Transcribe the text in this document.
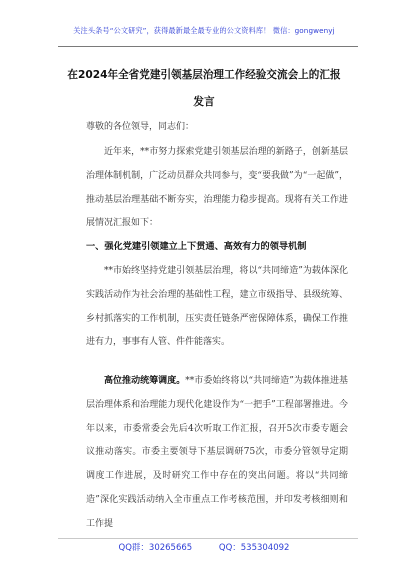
关注头条号“公文研究”，获得最新最全最专业的公文资料库！ 微信：gongwenyj
在2024年全省党建引领基层治理工作经验交流会上的汇报
发言

尊敬的各位领导，同志们：

近年来，**市努力探索党建引领基层治理的新路子，创新基层治理体制机制，广泛动员群众共同参与，变“要我做”为“一起做”，推动基层治理基础不断夯实，治理能力稳步提高。现将有关工作进展情况汇报如下：

一、强化党建引领建立上下贯通、高效有力的领导机制

**市始终坚持党建引领基层治理，将以“共同缔造”为载体深化实践活动作为社会治理的基础性工程，建立市级指导、县级统筹、乡村抓落实的工作机制，压实责任链条严密保障体系，确保工作推进有力，事事有人管、件件能落实。

高位推动统筹调度。**市委始终将以“共同缔造”为载体推进基层治理体系和治理能力现代化建设作为“一把手”工程部署推进。今年以来，市委常委会先后4次听取工作汇报，召开5次市委专题会议推动落实。市委主要领导下基层调研75次，市委分管领导定期调度工作进展，及时研究工作中存在的突出问题。将以“共同缔造”深化实践活动纳入全市重点工作考核范围，并印发考核细则和工作提

QQ群：30265665	QQ：535304092
